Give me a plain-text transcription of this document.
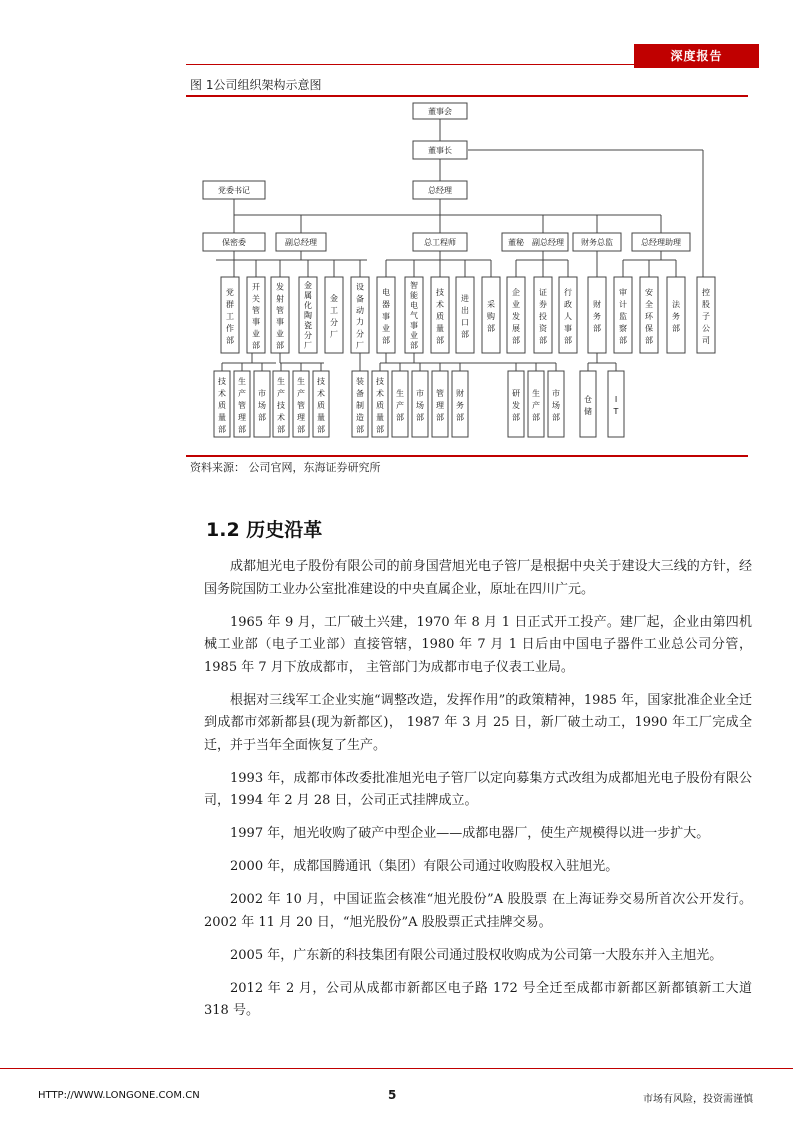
深度报告
图 1公司组织架构示意图
董事会
董事长
党委书记	总经理
保密委	副总经理	总工程师	董秘 副总经理 财务总监	总经理助理
党
群
工
作
部
开
关
管
事
业
部
发
射
管
事
业
部
金
属
化
陶
瓷
分
厂
金
工
分
厂
设
备
动
力
分
厂
电
器
事
业
部
智
能
电
气
事
业
部
技
术
质
量
部
进
出
口
部
采
购
部
企
业
发
展
部
证
券
投
资
部
行
政
人
事
部
财
务
部
审
计
监
察
部
安
全
环
保
部
法
务
部
控
股
子
公
司
技
术
质
量
部
生
产
管
理
部
市
场
部
生
产
技
术
部
生
产
管
理
部
技
术
质
量
部
装
备
制
造
部
技
术
质
量
部
生
产
部
市
场
部
管
理
部
财
务
部
研
发
部
生
产
部
市
场
部
仓
储
I
T
资料来源： 公司官网，东海证券研究所
1.2 历史沿革

成都旭光电子股份有限公司的前身国营旭光电子管厂是根据中央关于建设大三线的方针，经国务院国防工业办公室批准建设的中央直属企业，原址在四川广元。

1965 年 9 月，工厂破土兴建，1970 年 8 月 1 日正式开工投产。建厂起，企业由第四机械工业部（电子工业部）直接管辖，1980 年 7 月 1 日后由中国电子器件工业总公司分管，1985 年 7 月下放成都市， 主管部门为成都市电子仪表工业局。

根据对三线军工企业实施“调整改造，发挥作用”的政策精神，1985 年，国家批准企业全迁到成都市郊新都县(现为新都区)， 1987 年 3 月 25 日，新厂破土动工，1990 年工厂完成全迁，并于当年全面恢复了生产。

1993 年，成都市体改委批准旭光电子管厂以定向募集方式改组为成都旭光电子股份有限公司，1994 年 2 月 28 日，公司正式挂牌成立。

1997 年，旭光收购了破产中型企业——成都电器厂，使生产规模得以进一步扩大。

2000 年，成都国腾通讯（集团）有限公司通过收购股权入驻旭光。

2002 年 10 月，中国证监会核准“旭光股份”A 股股票 在上海证券交易所首次公开发行。2002 年 11 月 20 日，“旭光股份”A 股股票正式挂牌交易。

2005 年，广东新的科技集团有限公司通过股权收购成为公司第一大股东并入主旭光。

2012 年 2 月，公司从成都市新都区电子路 172 号全迁至成都市新都区新都镇新工大道 318 号。

HTTP://WWW.LONGONE.COM.CN	5	市场有风险，投资需谨慎
